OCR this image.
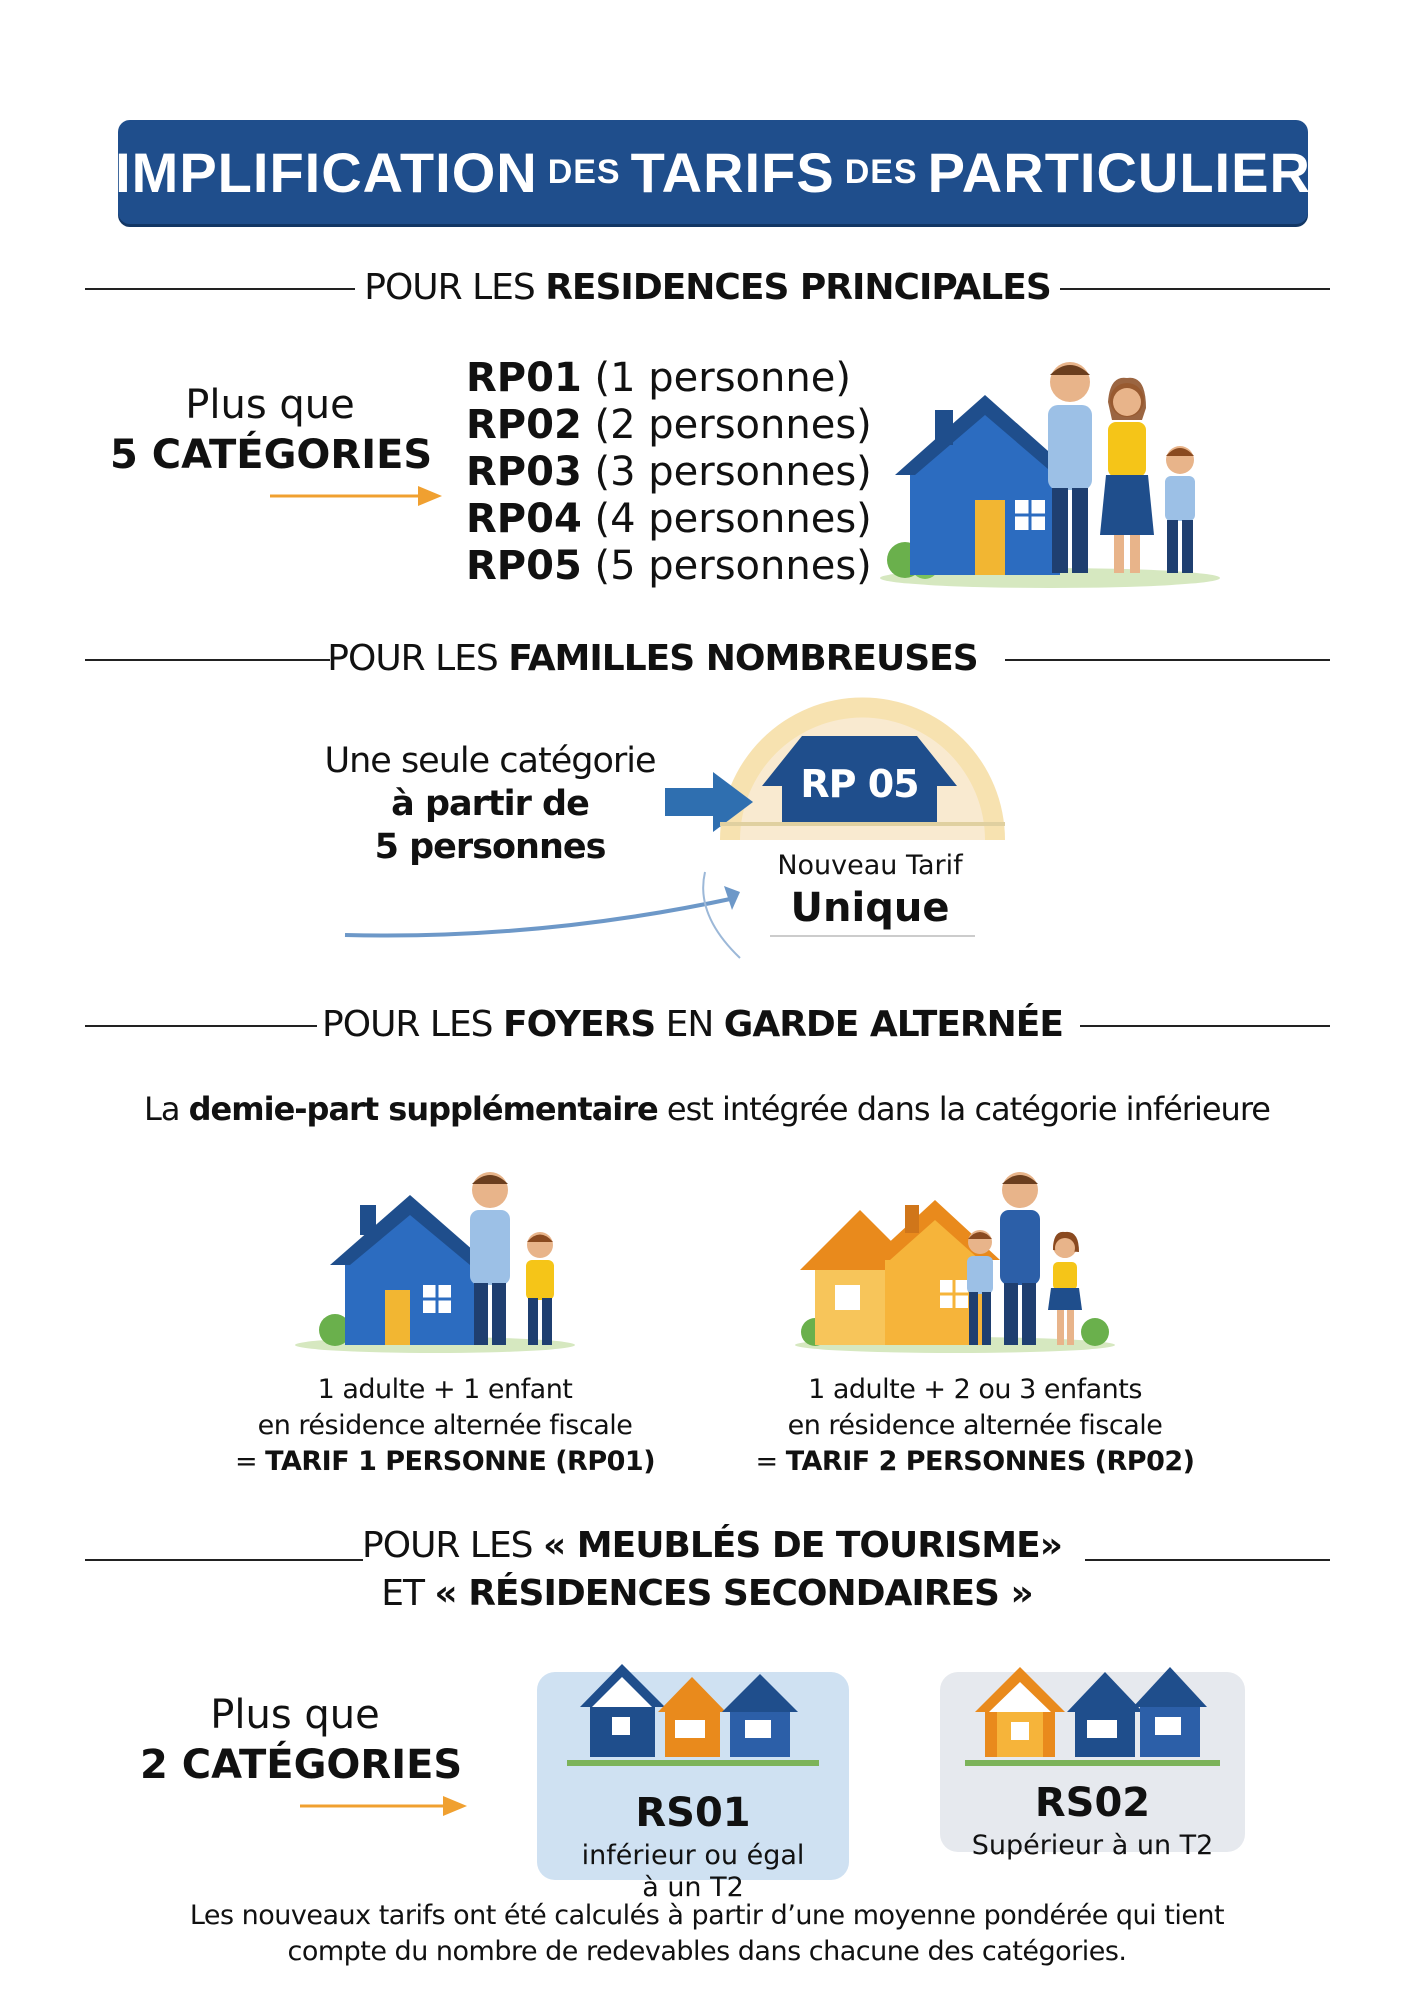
SIMPLIFICATION DES TARIFS DES PARTICULIERS
POUR LES RESIDENCES PRINCIPALES
Plus que
5 CATÉGORIES
RP01 (1 personne)
RP02 (2 personnes)
RP03 (3 personnes)
RP04 (4 personnes)
RP05 (5 personnes)
POUR LES FAMILLES NOMBREUSES
Une seule catégorie
à partir de
5 personnes
RP 05
Nouveau Tarif
Unique
POUR LES FOYERS EN GARDE ALTERNÉE
La demie-part supplémentaire est intégrée dans la catégorie inférieure
1 adulte + 1 enfant
en résidence alternée fiscale
= TARIF 1 PERSONNE (RP01)
1 adulte + 2 ou 3 enfants
en résidence alternée fiscale
= TARIF 2 PERSONNES (RP02)
POUR LES « MEUBLÉS DE TOURISME»
ET « RÉSIDENCES SECONDAIRES »
Plus que
2 CATÉGORIES
RS01
inférieur ou égal
à un T2
RS02
Supérieur à un T2
Les nouveaux tarifs ont été calculés à partir d’une moyenne pondérée qui tient
compte du nombre de redevables dans chacune des catégories.
